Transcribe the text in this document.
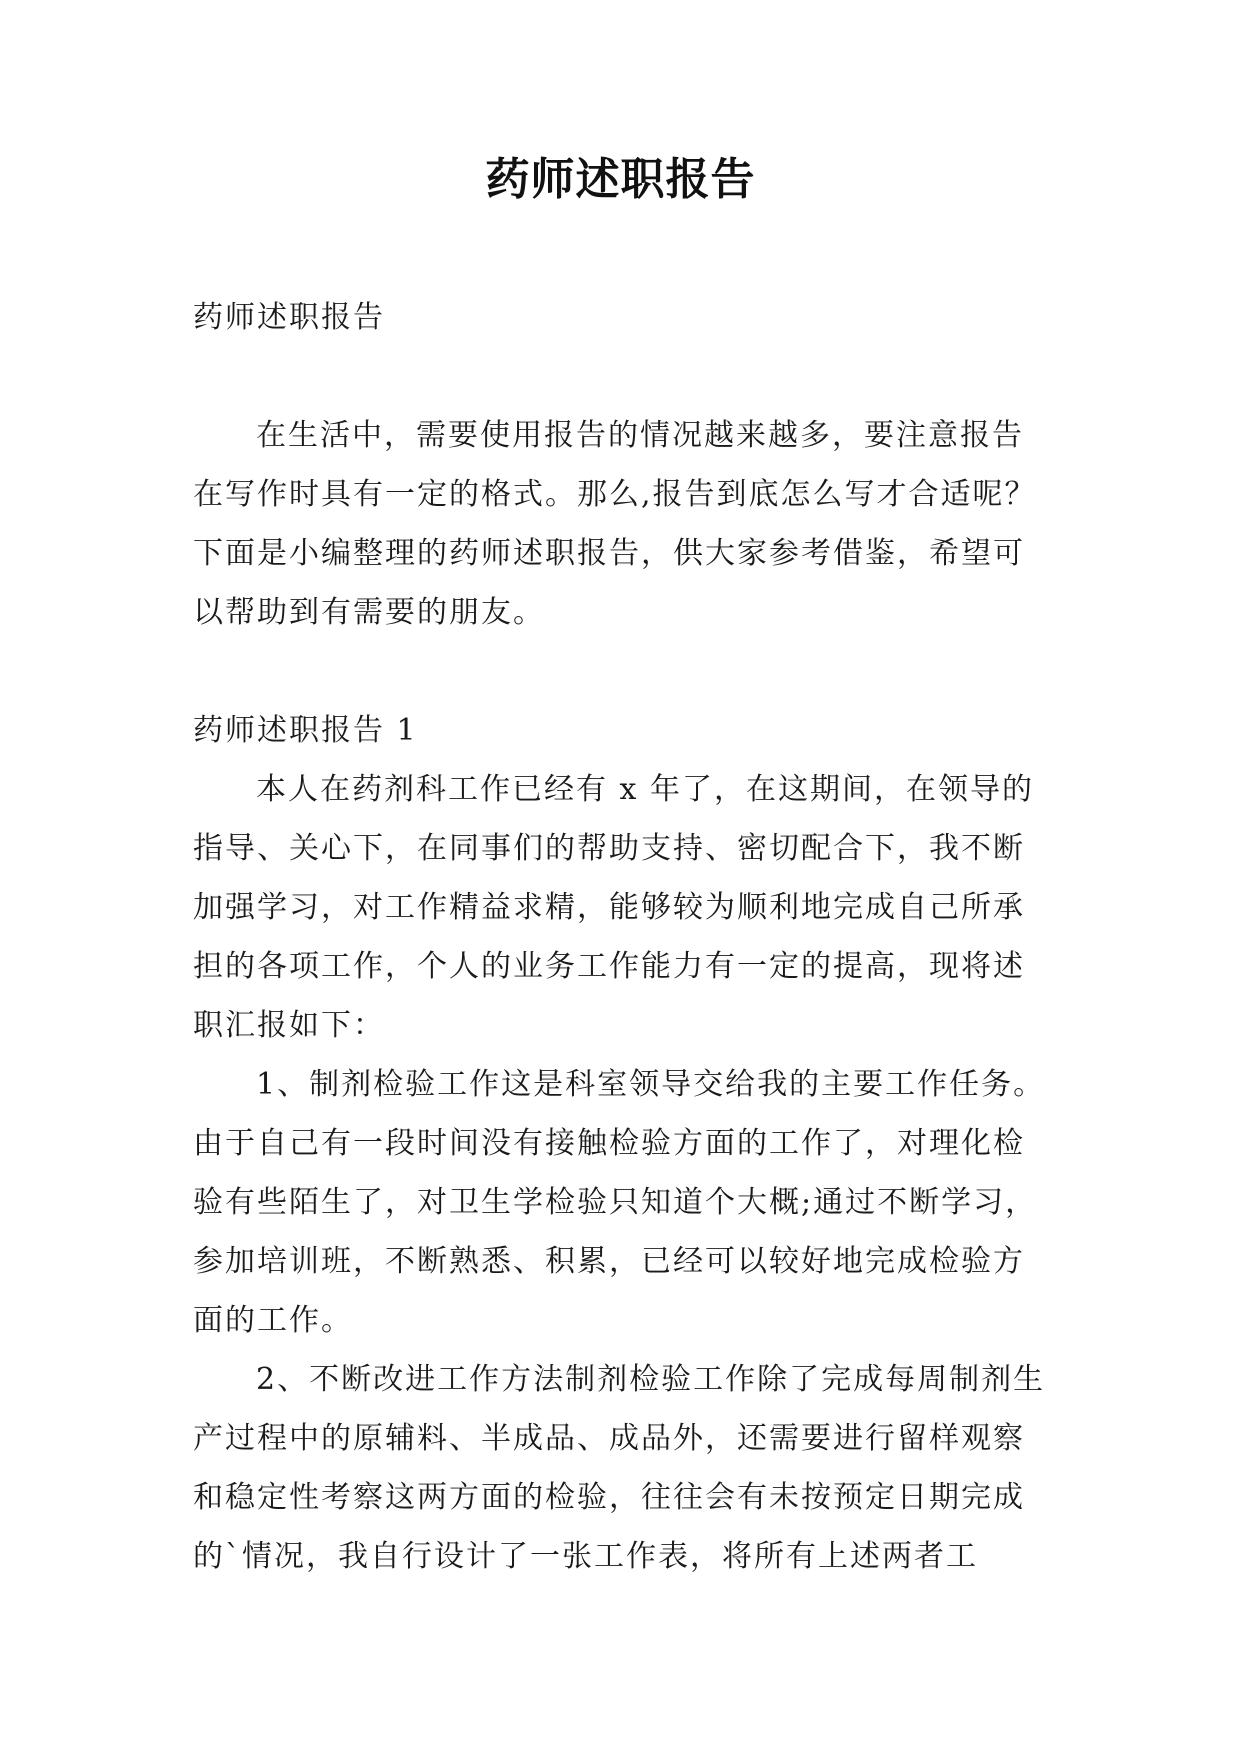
药师述职报告

药师述职报告

在生活中，需要使用报告的情况越来越多，要注意报告在写作时具有一定的格式。那么,报告到底怎么写才合适呢？下面是小编整理的药师述职报告，供大家参考借鉴，希望可以帮助到有需要的朋友。

药师述职报告 1

本人在药剂科工作已经有 x 年了，在这期间，在领导的指导、关心下，在同事们的帮助支持、密切配合下，我不断加强学习，对工作精益求精，能够较为顺利地完成自己所承担的各项工作，个人的业务工作能力有一定的提高，现将述职汇报如下：

1、制剂检验工作这是科室领导交给我的主要工作任务。由于自己有一段时间没有接触检验方面的工作了，对理化检验有些陌生了，对卫生学检验只知道个大概;通过不断学习，参加培训班，不断熟悉、积累，已经可以较好地完成检验方面的工作。

2、不断改进工作方法制剂检验工作除了完成每周制剂生产过程中的原辅料、半成品、成品外，还需要进行留样观察和稳定性考察这两方面的检验，往往会有未按预定日期完成的`情况，我自行设计了一张工作表，将所有上述两者工
